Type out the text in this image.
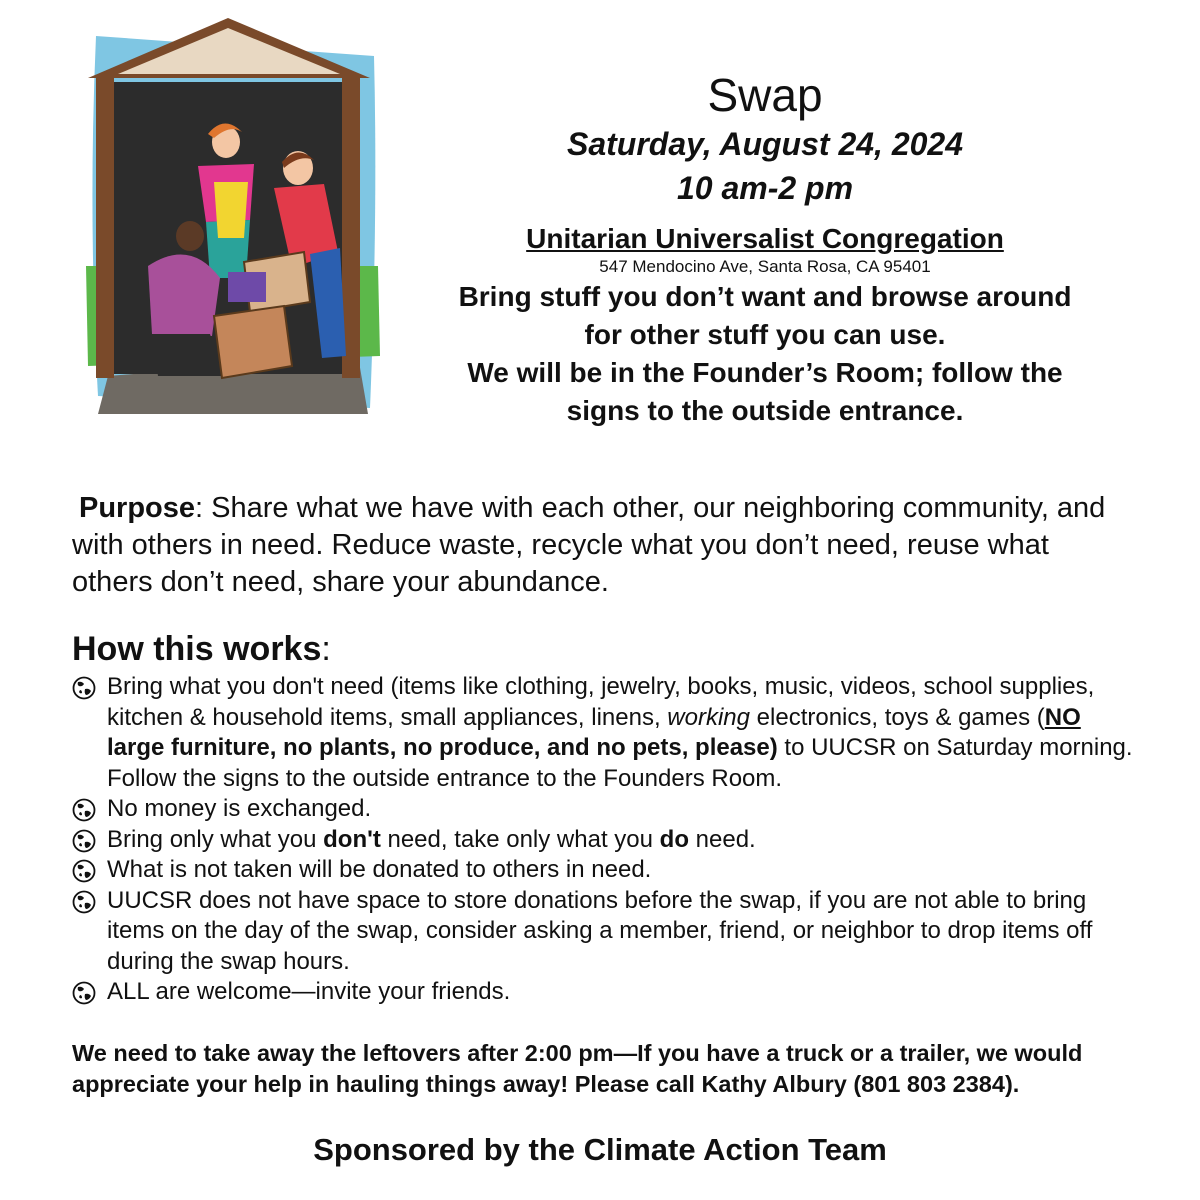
Swap
Saturday, August 24, 2024
10 am-2 pm
Unitarian Universalist Congregation
547 Mendocino Ave, Santa Rosa, CA 95401
Bring stuff you don’t want and browse around
for other stuff you can use.
We will be in the Founder’s Room; follow the
signs to the outside entrance.
Purpose: Share what we have with each other, our neighboring community, and with others in need. Reduce waste, recycle what you don’t need, reuse what others don’t need, share your abundance.
How this works:
Bring what you don't need (items like clothing, jewelry, books, music, videos, school supplies, kitchen & household items, small appliances, linens, working electronics, toys & games (NO large furniture, no plants, no produce, and no pets, please) to UUCSR on Saturday morning. Follow the signs to the outside entrance to the Founders Room.
No money is exchanged.
Bring only what you don't need, take only what you do need.
What is not taken will be donated to others in need.
UUCSR does not have space to store donations before the swap, if you are not able to bring items on the day of the swap, consider asking a member, friend, or neighbor to drop items off during the swap hours.
ALL are welcome—invite your friends.
We need to take away the leftovers after 2:00 pm—If you have a truck or a trailer, we would appreciate your help in hauling things away! Please call Kathy Albury (801 803 2384).
Sponsored by the Climate Action Team
